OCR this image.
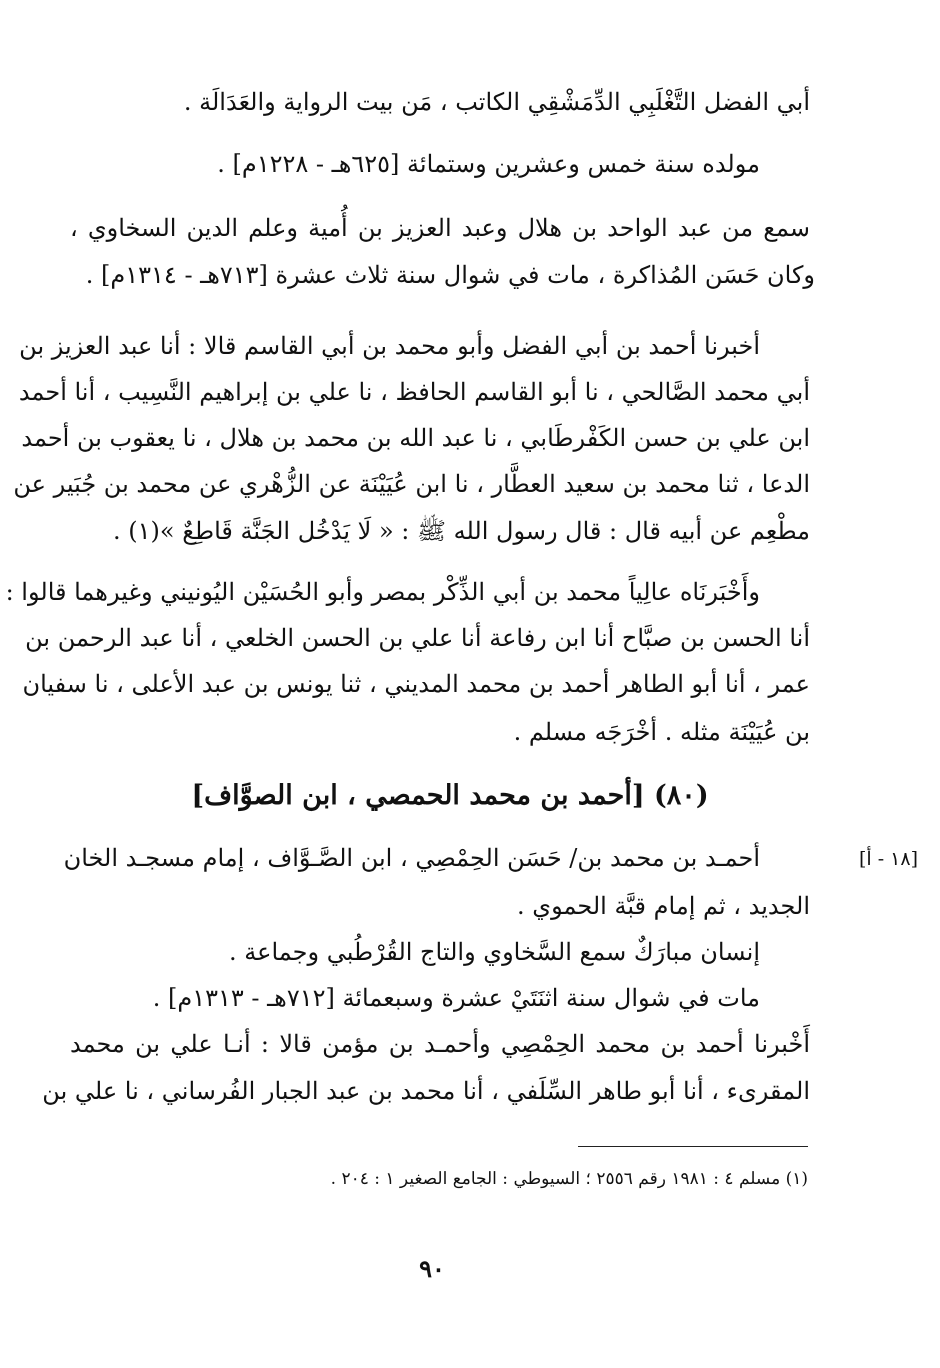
أبي الفضل التَّغْلَبِي الدِّمَشْقِي الكاتب ، مَن بيت الرواية والعَدَالَة .
مولده سنة خمس وعشرين وستمائة [٦٢٥هـ - ١٢٢٨م] .
سمع من عبد الواحد بن هلال وعبد العزيز بن أُمية وعلم الدين السخاوي ،
وكان حَسَن المُذاكرة ، مات في شوال سنة ثلاث عشرة [٧١٣هـ - ١٣١٤م] .
أخبرنا أحمد بن أبي الفضل وأبو محمد بن أبي القاسم قالا : أنا عبد العزيز بن
أبي محمد الصَّالحي ، نا أبو القاسم الحافظ ، نا علي بن إبراهيم النَّسِيب ، أنا أحمد
ابن علي بن حسن الكَفْرطَابي ، نا عبد الله بن محمد بن هلال ، نا يعقوب بن أحمد
الدعا ، ثنا محمد بن سعيد العطَّار ، نا ابن عُيَيْنَة عن الزُّهْري عن محمد بن جُبَير عن
مطْعِم عن أبيه قال : قال رسول الله ﷺ : « لَا يَدْخُل الجَنَّة قَاطِعٌ »(١) .
وأَخْبَرنَاه عالِياً محمد بن أبي الذِّكْر بمصر وأبو الحُسَيْن اليُونيني وغيرهما قالوا :
أنا الحسن بن صبَّاح أنا ابن رفاعة أنا علي بن الحسن الخلعي ، أنا عبد الرحمن بن
عمر ، أنا أبو الطاهر أحمد بن محمد المديني ، ثنا يونس بن عبد الأعلى ، نا سفيان
بن عُيَيْنَة مثله . أخْرَجَه مسلم .
(٨٠) [أحمد بن محمد الحمصي ، ابن الصوَّاف]
[١٨ - أ]
أحمـد بن محمد بن/ حَسَن الحِمْصِي ، ابن الصَّـوَّاف ، إمام مسجـد الخان
الجديد ، ثم إمام قبَّة الحموي .
إنسان مبارَكٌ سمع السَّخاوي والتاج القُرْطُبي وجماعة .
مات في شوال سنة اثنَتَيْ عشرة وسبعمائة [٧١٢هـ - ١٣١٣م] .
أَخْبرنا أحمد بن محمد الحِمْصِي وأحمـد بن مؤمن قالا : أنـا علي بن محمد
المقرىء ، أنا أبو طاهر السِّلَفي ، أنا محمد بن عبد الجبار الفُرساني ، نا علي بن
(١) مسلم ٤ : ١٩٨١ رقم ٢٥٥٦ ؛ السيوطي : الجامع الصغير ١ : ٢٠٤ .
٩٠
